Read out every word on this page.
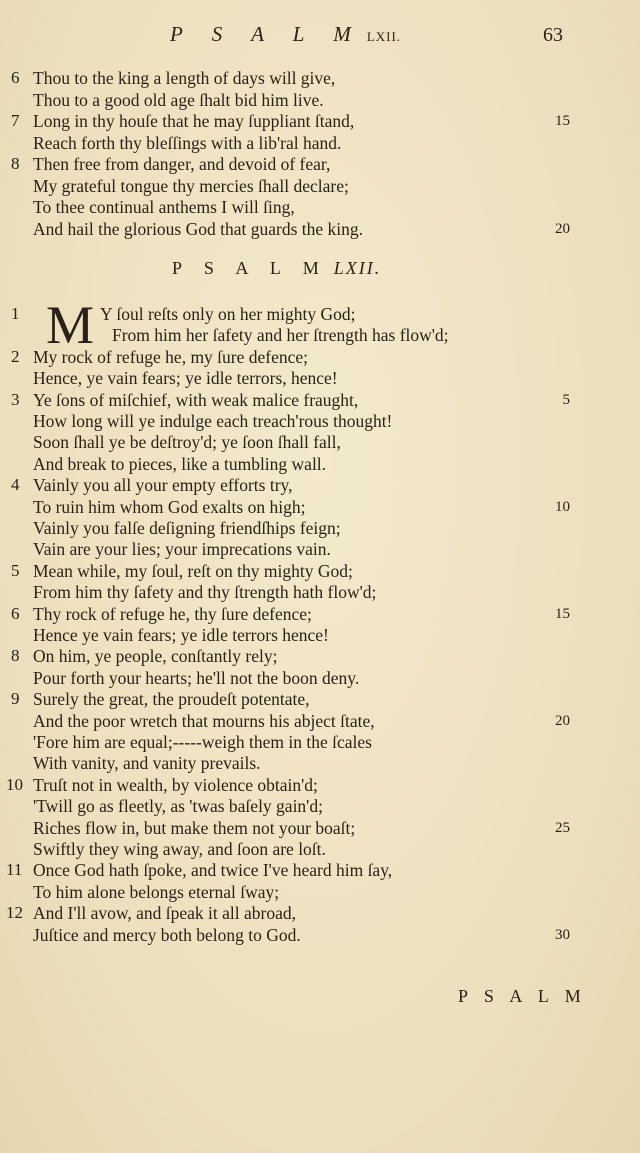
P S A L M LXII.	63
6 Thou to the king a length of days will give,
Thou to a good old age ſhalt bid him live.
7 Long in thy houſe that he may ſuppliant ſtand,	15
Reach forth thy bleſſings with a lib'ral hand.
8 Then free from danger, and devoid of fear,
My grateful tongue thy mercies ſhall declare;
To thee continual anthems I will ſing,
And hail the glorious God that guards the king.	20
P S A L M LXII.
M
1	Y ſoul reſts only on her mighty God;
From him her ſafety and her ſtrength has flow'd;
2 My rock of refuge he, my ſure defence;
Hence, ye vain fears; ye idle terrors, hence!
3 Ye ſons of miſchief, with weak malice fraught,	5
How long will ye indulge each treach'rous thought!
Soon ſhall ye be deſtroy'd; ye ſoon ſhall fall,
And break to pieces, like a tumbling wall.
4 Vainly you all your empty efforts try,
To ruin him whom God exalts on high;	10
Vainly you falſe deſigning friendſhips feign;
Vain are your lies; your imprecations vain.
5 Mean while, my ſoul, reſt on thy mighty God;
From him thy ſafety and thy ſtrength hath flow'd;
6 Thy rock of refuge he, thy ſure defence;	15
Hence ye vain fears; ye idle terrors hence!
8 On him, ye people, conſtantly rely;
Pour forth your hearts; he'll not the boon deny.
9 Surely the great, the proudeſt potentate,
And the poor wretch that mourns his abject ſtate,	20
'Fore him are equal;-----weigh them in the ſcales
With vanity, and vanity prevails.
10 Truſt not in wealth, by violence obtain'd;
'Twill go as fleetly, as 'twas baſely gain'd;
Riches flow in, but make them not your boaſt;	25
Swiftly they wing away, and ſoon are loſt.
11 Once God hath ſpoke, and twice I've heard him ſay,
To him alone belongs eternal ſway;
12 And I'll avow, and ſpeak it all abroad,
Juſtice and mercy both belong to God.	30
P S A L M
